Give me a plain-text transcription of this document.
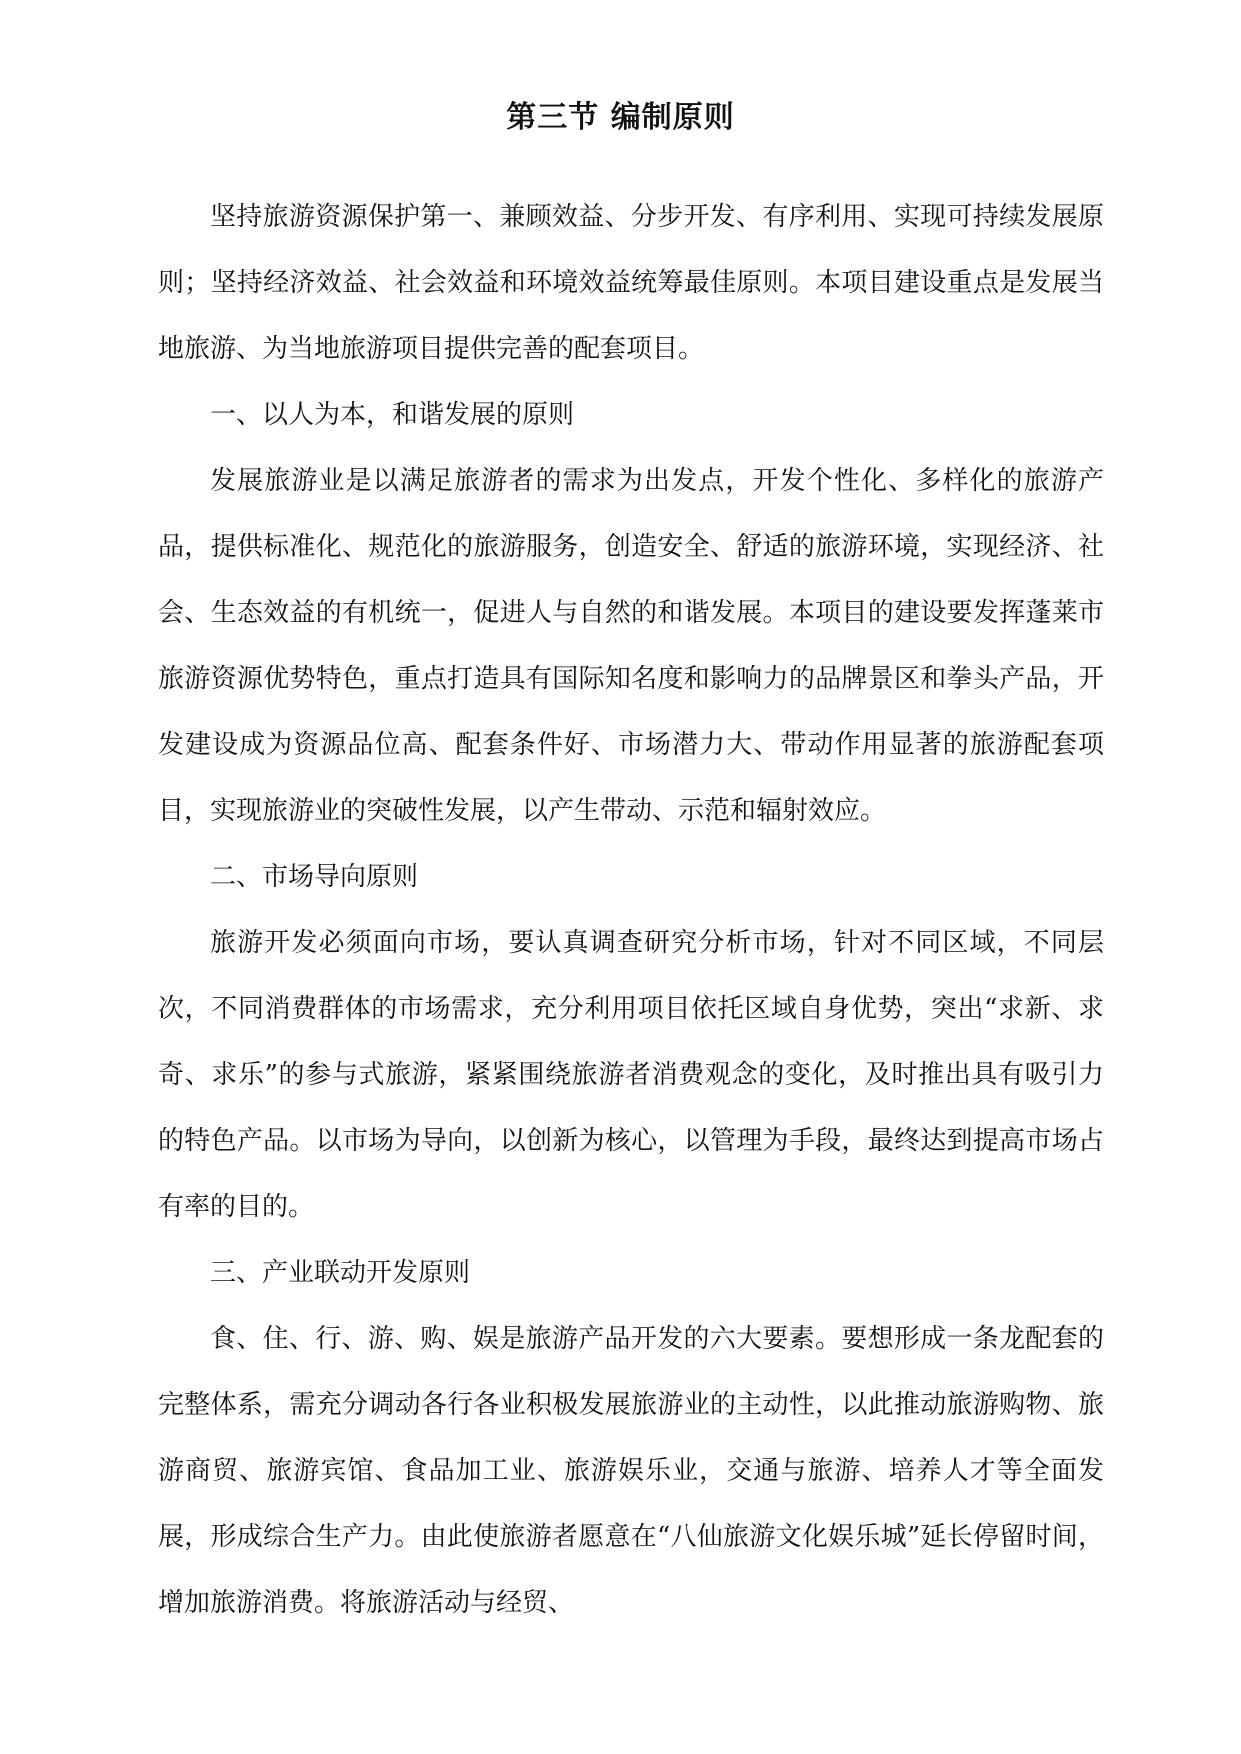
第三节 编制原则

坚持旅游资源保护第一、兼顾效益、分步开发、有序利用、实现可持续发展原则；坚持经济效益、社会效益和环境效益统筹最佳原则。本项目建设重点是发展当地旅游、为当地旅游项目提供完善的配套项目。

一、以人为本，和谐发展的原则

发展旅游业是以满足旅游者的需求为出发点，开发个性化、多样化的旅游产品，提供标准化、规范化的旅游服务，创造安全、舒适的旅游环境，实现经济、社会、生态效益的有机统一，促进人与自然的和谐发展。本项目的建设要发挥蓬莱市旅游资源优势特色，重点打造具有国际知名度和影响力的品牌景区和拳头产品，开发建设成为资源品位高、配套条件好、市场潜力大、带动作用显著的旅游配套项目，实现旅游业的突破性发展，以产生带动、示范和辐射效应。

二、市场导向原则

旅游开发必须面向市场，要认真调查研究分析市场，针对不同区域，不同层次，不同消费群体的市场需求，充分利用项目依托区域自身优势，突出“求新、求奇、求乐”的参与式旅游，紧紧围绕旅游者消费观念的变化，及时推出具有吸引力的特色产品。以市场为导向，以创新为核心，以管理为手段，最终达到提高市场占有率的目的。

三、产业联动开发原则

食、住、行、游、购、娱是旅游产品开发的六大要素。要想形成一条龙配套的完整体系，需充分调动各行各业积极发展旅游业的主动性，以此推动旅游购物、旅游商贸、旅游宾馆、食品加工业、旅游娱乐业，交通与旅游、培养人才等全面发展，形成综合生产力。由此使旅游者愿意在“八仙旅游文化娱乐城”延长停留时间，增加旅游消费。将旅游活动与经贸、
